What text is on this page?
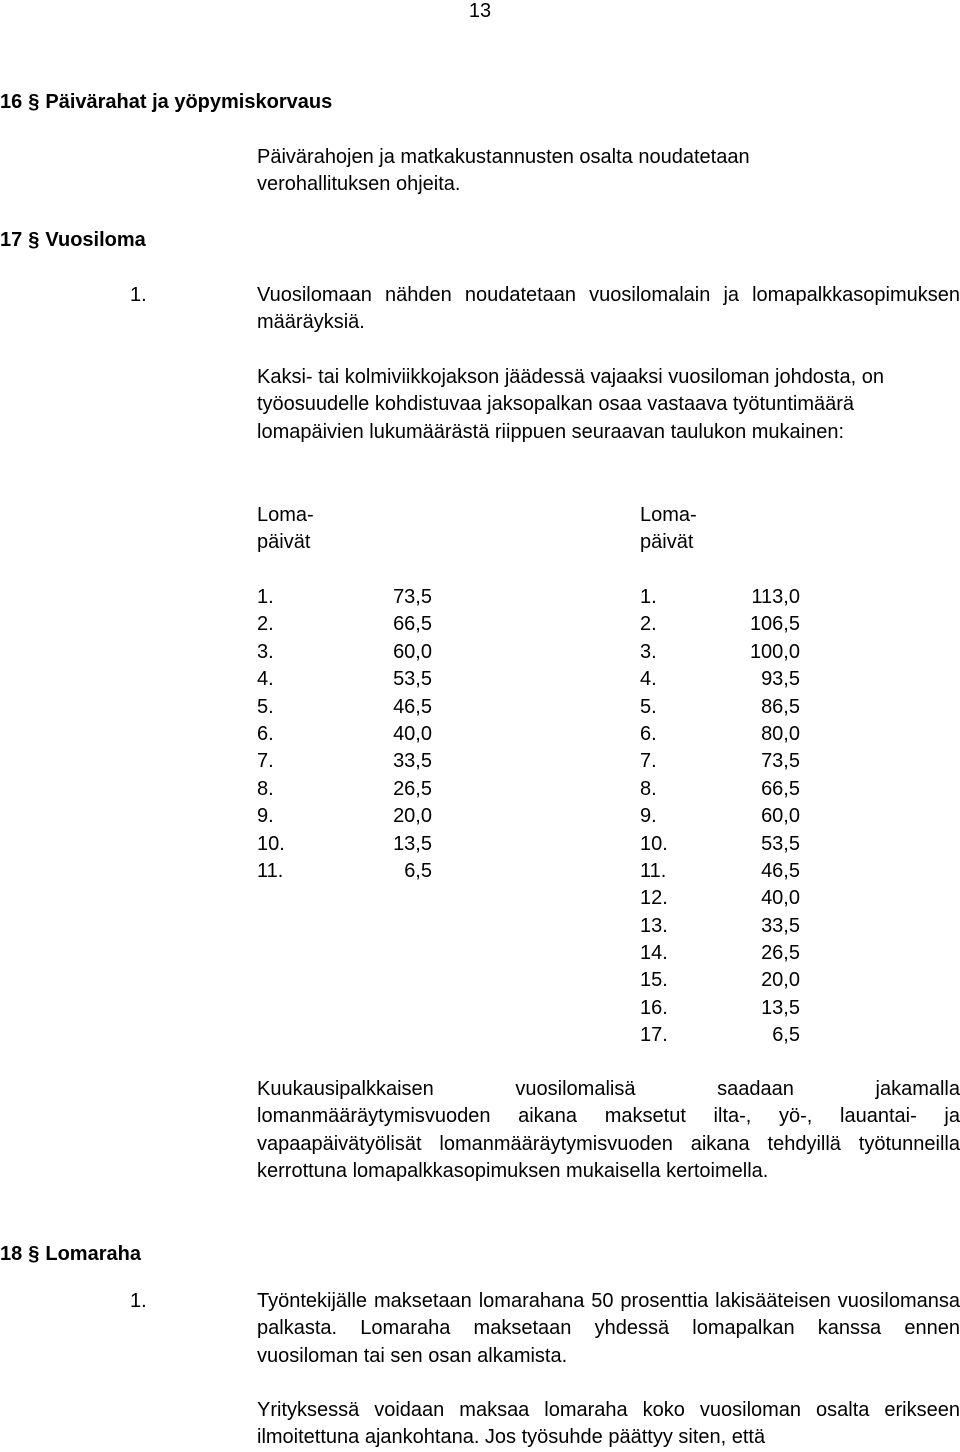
13
16 § Päivärahat ja yöpymiskorvaus
Päivärahojen ja matkakustannusten osalta noudatetaan verohallituksen ohjeita.
17 § Vuosiloma
1.	Vuosilomaan nähden noudatetaan vuosilomalain ja lomapalkkasopimuksen määräyksiä.
Kaksi- tai kolmiviikkojakson jäädessä vajaaksi vuosiloman johdosta, on työosuudelle kohdistuvaa jaksopalkan osaa vastaava työtuntimäärä lomapäivien lukumäärästä riippuen seuraavan taulukon mukainen:
Loma-
päivät
Loma-
päivät
1.	73,5
2.	66,5
3.	60,0
4.	53,5
5.	46,5
6.	40,0
7.	33,5
8.	26,5
9.	20,0
10.	13,5
11.	6,5
1.	113,0
2.	106,5
3.	100,0
4.	93,5
5.	86,5
6.	80,0
7.	73,5
8.	66,5
9.	60,0
10.	53,5
11.	46,5
12.	40,0
13.	33,5
14.	26,5
15.	20,0
16.	13,5
17.	6,5
Kuukausipalkkaisen vuosilomalisä saadaan jakamalla lomanmääräytymisvuoden aikana maksetut ilta-, yö-, lauantai- ja vapaapäivätyölisät lomanmääräytymisvuoden aikana tehdyillä työtunneilla kerrottuna lomapalkkasopimuksen mukaisella kertoimella.
18 § Lomaraha
1.	Työntekijälle maksetaan lomarahana 50 prosenttia lakisääteisen vuosilomansa palkasta. Lomaraha maksetaan yhdessä lomapalkan kanssa ennen vuosiloman tai sen osan alkamista.
Yrityksessä voidaan maksaa lomaraha koko vuosiloman osalta erikseen ilmoitettuna ajankohtana. Jos työsuhde päättyy siten, että
